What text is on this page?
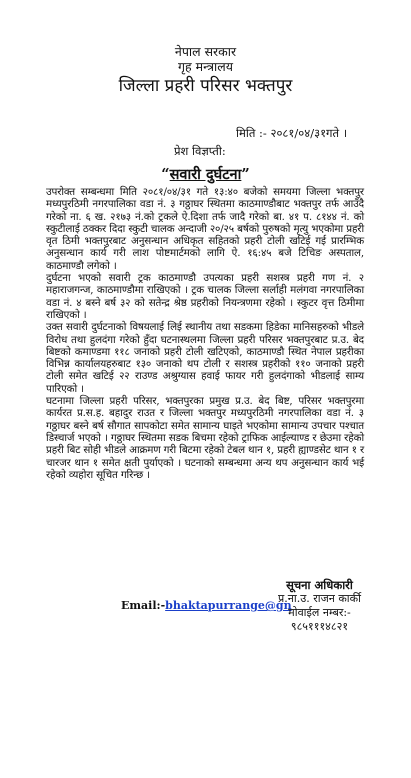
नेपाल सरकार
गृह मन्त्रालय
जिल्ला प्रहरी परिसर भक्तपुर
मिति :- २०८१/०४/३१गते ।
प्रेश विज्ञप्ती:
“सवारी दुर्घटना”

उपरोक्त सम्बन्धमा मिति २०८१/०४/३१ गते १३:४० बजेको समयमा जिल्ला भक्तपुर मध्यपुरठिमी नगरपालिका वडा नं. ३ गठ्ठाघर स्थितमा काठमाण्डौबाट भक्तपुर तर्फ आउँदै गरेको ना. ६ ख. २१७३ नं.को ट्रकले ऐ.दिशा तर्फ जादै गरेको बा. ४१ प. ८१४४ नं. को स्कुटीलाई ठक्कर दिदा स्कुटी चालक अन्दाजी २०/२५ बर्षको पुरुषको मृत्यु भएकोमा प्रहरी वृत ठिमी भक्तपुरबाट अनुसन्धान अधिकृत सहितको प्रहरी टोली खटिई गई प्रारम्भिक अनुसन्धान कार्य गरी लाश पोष्टमार्टमको लागि ऐ. १६:४५ बजे टिचिङ अस्पताल, काठमाण्डौ लगेको ।

दुर्घटना भएको सवारी ट्रक काठमाण्डौ उपत्यका प्रहरी सशस्त्र प्रहरी गण नं. २ महाराजगन्ज, काठमाण्डौमा राखिएको । ट्रक चालक जिल्ला सर्लाही मलंगवा नगरपालिका वडा नं. ४ बस्ने बर्ष ३२ को सतेन्द्र श्रेष्ठ प्रहरीको नियन्त्रणमा रहेको । स्कुटर वृत्त ठिमीमा राखिएको ।

उक्त सवारी दुर्घटनाको विषयलाई लिई स्थानीय तथा सडकमा हिडेका मानिसहरुको भीडले विरोध तथा हुलदंगा गरेको हुँदा घटनास्थलमा जिल्ला प्रहरी परिसर भक्तपुरबाट प्र.उ. बेद बिष्टको कमाण्डमा ११८ जनाको प्रहरी टोली खटिएको, काठमाण्डौ स्थित नेपाल प्रहरीका विभिन्न कार्यालयहरुबाट १३० जनाको थप टोली र सशस्त्र प्रहरीको ११० जनाको प्रहरी टोली समेत खटिई २२ राउण्ड अश्रुग्यास हवाई फायर गरी हुलदंगाको भीडलाई साम्य पारिएको ।

घटनामा जिल्ला प्रहरी परिसर, भक्तपुरका प्रमुख प्र.उ. बेद बिष्ट, परिसर भक्तपुरमा कार्यरत प्र.स.ह. बहादुर राउत र जिल्ला भक्तपुर मध्यपुरठिमी नगरपालिका वडा नं. ३ गठ्ठाघर बस्ने बर्ष सौगात सापकोटा समेत सामान्य घाइते भएकोमा सामान्य उपचार पश्चात डिस्चार्ज भएको । गठ्ठाघर स्थितमा सडक बिचमा रहेको ट्राफिक आईल्याण्ड र छेउमा रहेको प्रहरी बिट सोही भीडले आक्रमण गरी बिटमा रहेको टेबल थान १, प्रहरी ह्याण्डसेट थान १ र चारजर थान १ समेत क्षती पुर्याएको । घटनाको सम्बन्धमा अन्य थप अनुसन्धान कार्य भई रहेको व्यहोरा सूचित गरिन्छ ।

Email:-bhaktapurrange@gn
सूचना अधिकारी
प्र.ना.उ. राजन कार्की
मोवाईल नम्बर:-
९८५१११४८२१
